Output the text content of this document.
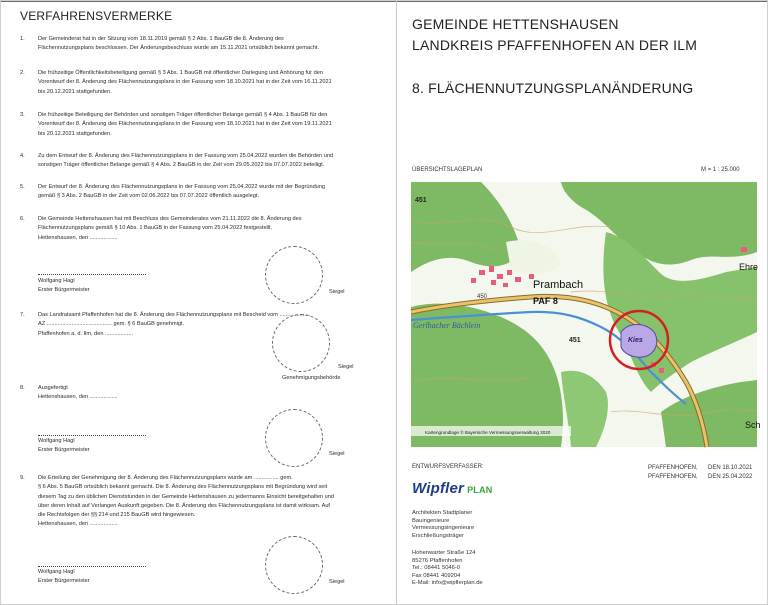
VERFAHRENSVERMERKE
1.	Der Gemeinderat hat in der Sitzung vom 18.11.2019 gemäß § 2 Abs. 1 BauGB die 8. Änderung des
Flächennutzungsplans beschlossen. Der Änderungsbeschluss wurde am 15.11.2021 ortsüblich bekannt gemacht.
2.	Die frühzeitige Öffentlichkeitsbeteiligung gemäß § 3 Abs. 1 BauGB mit öffentlicher Darlegung und Anhörung für den
Vorentwurf der 8. Änderung des Flächennutzungsplans in der Fassung vom 18.10.2021 hat in der Zeit vom 16.11.2021
bis 20.12.2021 stattgefunden.
3.	Die frühzeitige Beteiligung der Behörden und sonstigen Träger öffentlicher Belange gemäß § 4 Abs. 1 BauGB für den
Vorentwurf der 8. Änderung des Flächennutzungsplans in der Fassung vom 18.10.2021 hat in der Zeit vom 19.11.2021
bis 20.12.2021 stattgefunden.
4.	Zu dem Entwurf der 8. Änderung des Flächennutzungsplans in der Fassung vom 25.04.2022 wurden die Behörden und
sonstigen Träger öffentlicher Belange gemäß § 4 Abs. 2 BauGB in der Zeit vom 29.05.2022 bis 07.07.2022 beteiligt.
5.	Der Entwurf der 8. Änderung des Flächennutzungsplans in der Fassung vom 25.04.2022 wurde mit der Begründung
gemäß § 3 Abs. 2 BauGB in der Zeit vom 02.06.2022 bis 07.07.2022 öffentlich ausgelegt.
6.	Die Gemeinde Hettenshausen hat mit Beschluss des Gemeinderates vom 21.11.2022 die 8. Änderung des
Flächennutzungsplans gemäß § 10 Abs. 1 BauGB in der Fassung vom 25.04.2022 festgestellt.
Hettenshausen, den ..................
Wolfgang Hagl
Erster Bürgermeister	Siegel
7.	Das Landratsamt Pfaffenhofen hat die 8. Änderung des Flächennutzungsplans mit Bescheid vom ....................
AZ .......................................... gem. § 6 BauGB genehmigt.
Pfaffenhofen a. d. Ilm, den ..................
Siegel
Genehmigungsbehörde
8.	Ausgefertigt
Hettenshausen, den ..................
Wolfgang Hagl
Erster Bürgermeister
Siegel
9.	Die Erteilung der Genehmigung der 8. Änderung des Flächennutzungsplans wurde am ................ gem.
§ 6 Abs. 5 BauGB ortsüblich bekannt gemacht. Die 8. Änderung des Flächennutzungsplans mit Begründung wird seit
diesem Tag zu den üblichen Dienststunden in der Gemeinde Hettenshausen zu jedermanns Einsicht bereitgehalten und
über deren Inhalt auf Verlangen Auskunft gegeben. Die 8. Änderung des Flächennutzungsplans ist damit wirksam. Auf
die Rechtsfolgen der §§ 214 und 215 BauGB wird hingewiesen.
Hettenshausen, den ..................
Wolfgang Hagl
Erster Bürgermeister	Siegel
GEMEINDE HETTENSHAUSEN
LANDKREIS PFAFFENHOFEN AN DER ILM
8. FLÄCHENNUTZUNGSPLANÄNDERUNG
ÜBERSICHTSLAGEPLAN	M = 1 : 25.000
451
Prambach
PAF 8
450
Gerlhacher Bächlein
451	Kies
Ehre
Sch
Kartengrundlage © Bayerische Vermessungsverwaltung 2020
ENTWURFSVERFASSER:	PFAFFENHOFEN, DEN 18.10.2021
PFAFFENHOFEN, DEN 25.04.2022
Wipfler PLAN
Architekten Stadtplaner
Bauingenieure
Vermessungsingenieure
Erschließungsträger
Hohenwarter Straße 124
85276 Pfaffenhofen
Tel.: 08441 5046-0
Fax 08441 409204
E-Mail: info@wipflerplan.de
